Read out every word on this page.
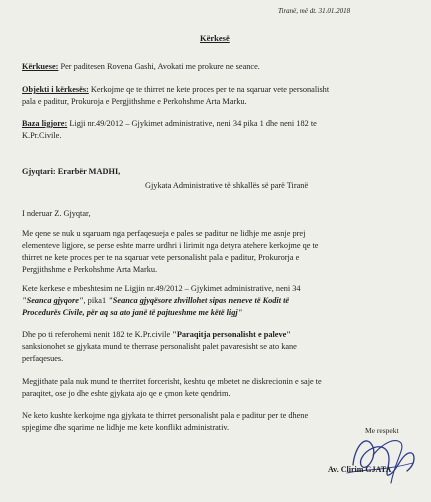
Tiranë, më dt. 31.01.2018
Kërkesë
Kërkuese: Per paditesen Rovena Gashi, Avokati me prokure ne seance.
Objekti i kërkesës: Kerkojme qe te thirret ne kete proces per te na sqaruar vete personalisht
pala e paditur, Prokuroja e Pergjithshme e Perkohshme Arta Marku.
Baza ligjore: Ligji nr.49/2012 – Gjykimet administrative, neni 34 pika 1 dhe neni 182 te
K.Pr.Civile.
Gjyqtari: Erarbër MADHI,
Gjykata Administrative të shkallës së parë Tiranë
I nderuar Z. Gjyqtar,
Me qene se nuk u sqaruam nga perfaqesueja e pales se paditur ne lidhje me asnje prej
elementeve ligjore, se perse eshte marre urdhri i lirimit nga detyra atehere kerkojme qe te
thirret ne kete proces per te na sqaruar vete personalisht pala e paditur, Prokurorja e
Pergjithshme e Perkohshme Arta Marku.
Kete kerkese e mbeshtesim ne Ligjin nr.49/2012 – Gjykimet administrative, neni 34
"Seanca gjyqore", pika1 "Seanca gjyqësore zhvillohet sipas neneve të Kodit të
Procedurës Civile, për aq sa ato janë të pajtueshme me këtë ligj"
Dhe po ti referohemi nenit 182 te K.Pr.civile "Paraqitja personalisht e paleve"
sanksionohet se gjykata mund te therrase personalisht palet pavaresisht se ato kane
perfaqesues.
Megjithate pala nuk mund te therritet forcerisht, keshtu qe mbetet ne diskrecionin e saje te
paraqitet, ose jo dhe eshte gjykata ajo qe e çmon kete qendrim.
Ne keto kushte kerkojme nga gjykata te thirret personalisht pala e paditur per te dhene
spjegime dhe sqarime ne lidhje me kete konflikt administrativ.	Me respekt
Av. Clirim GJATA
